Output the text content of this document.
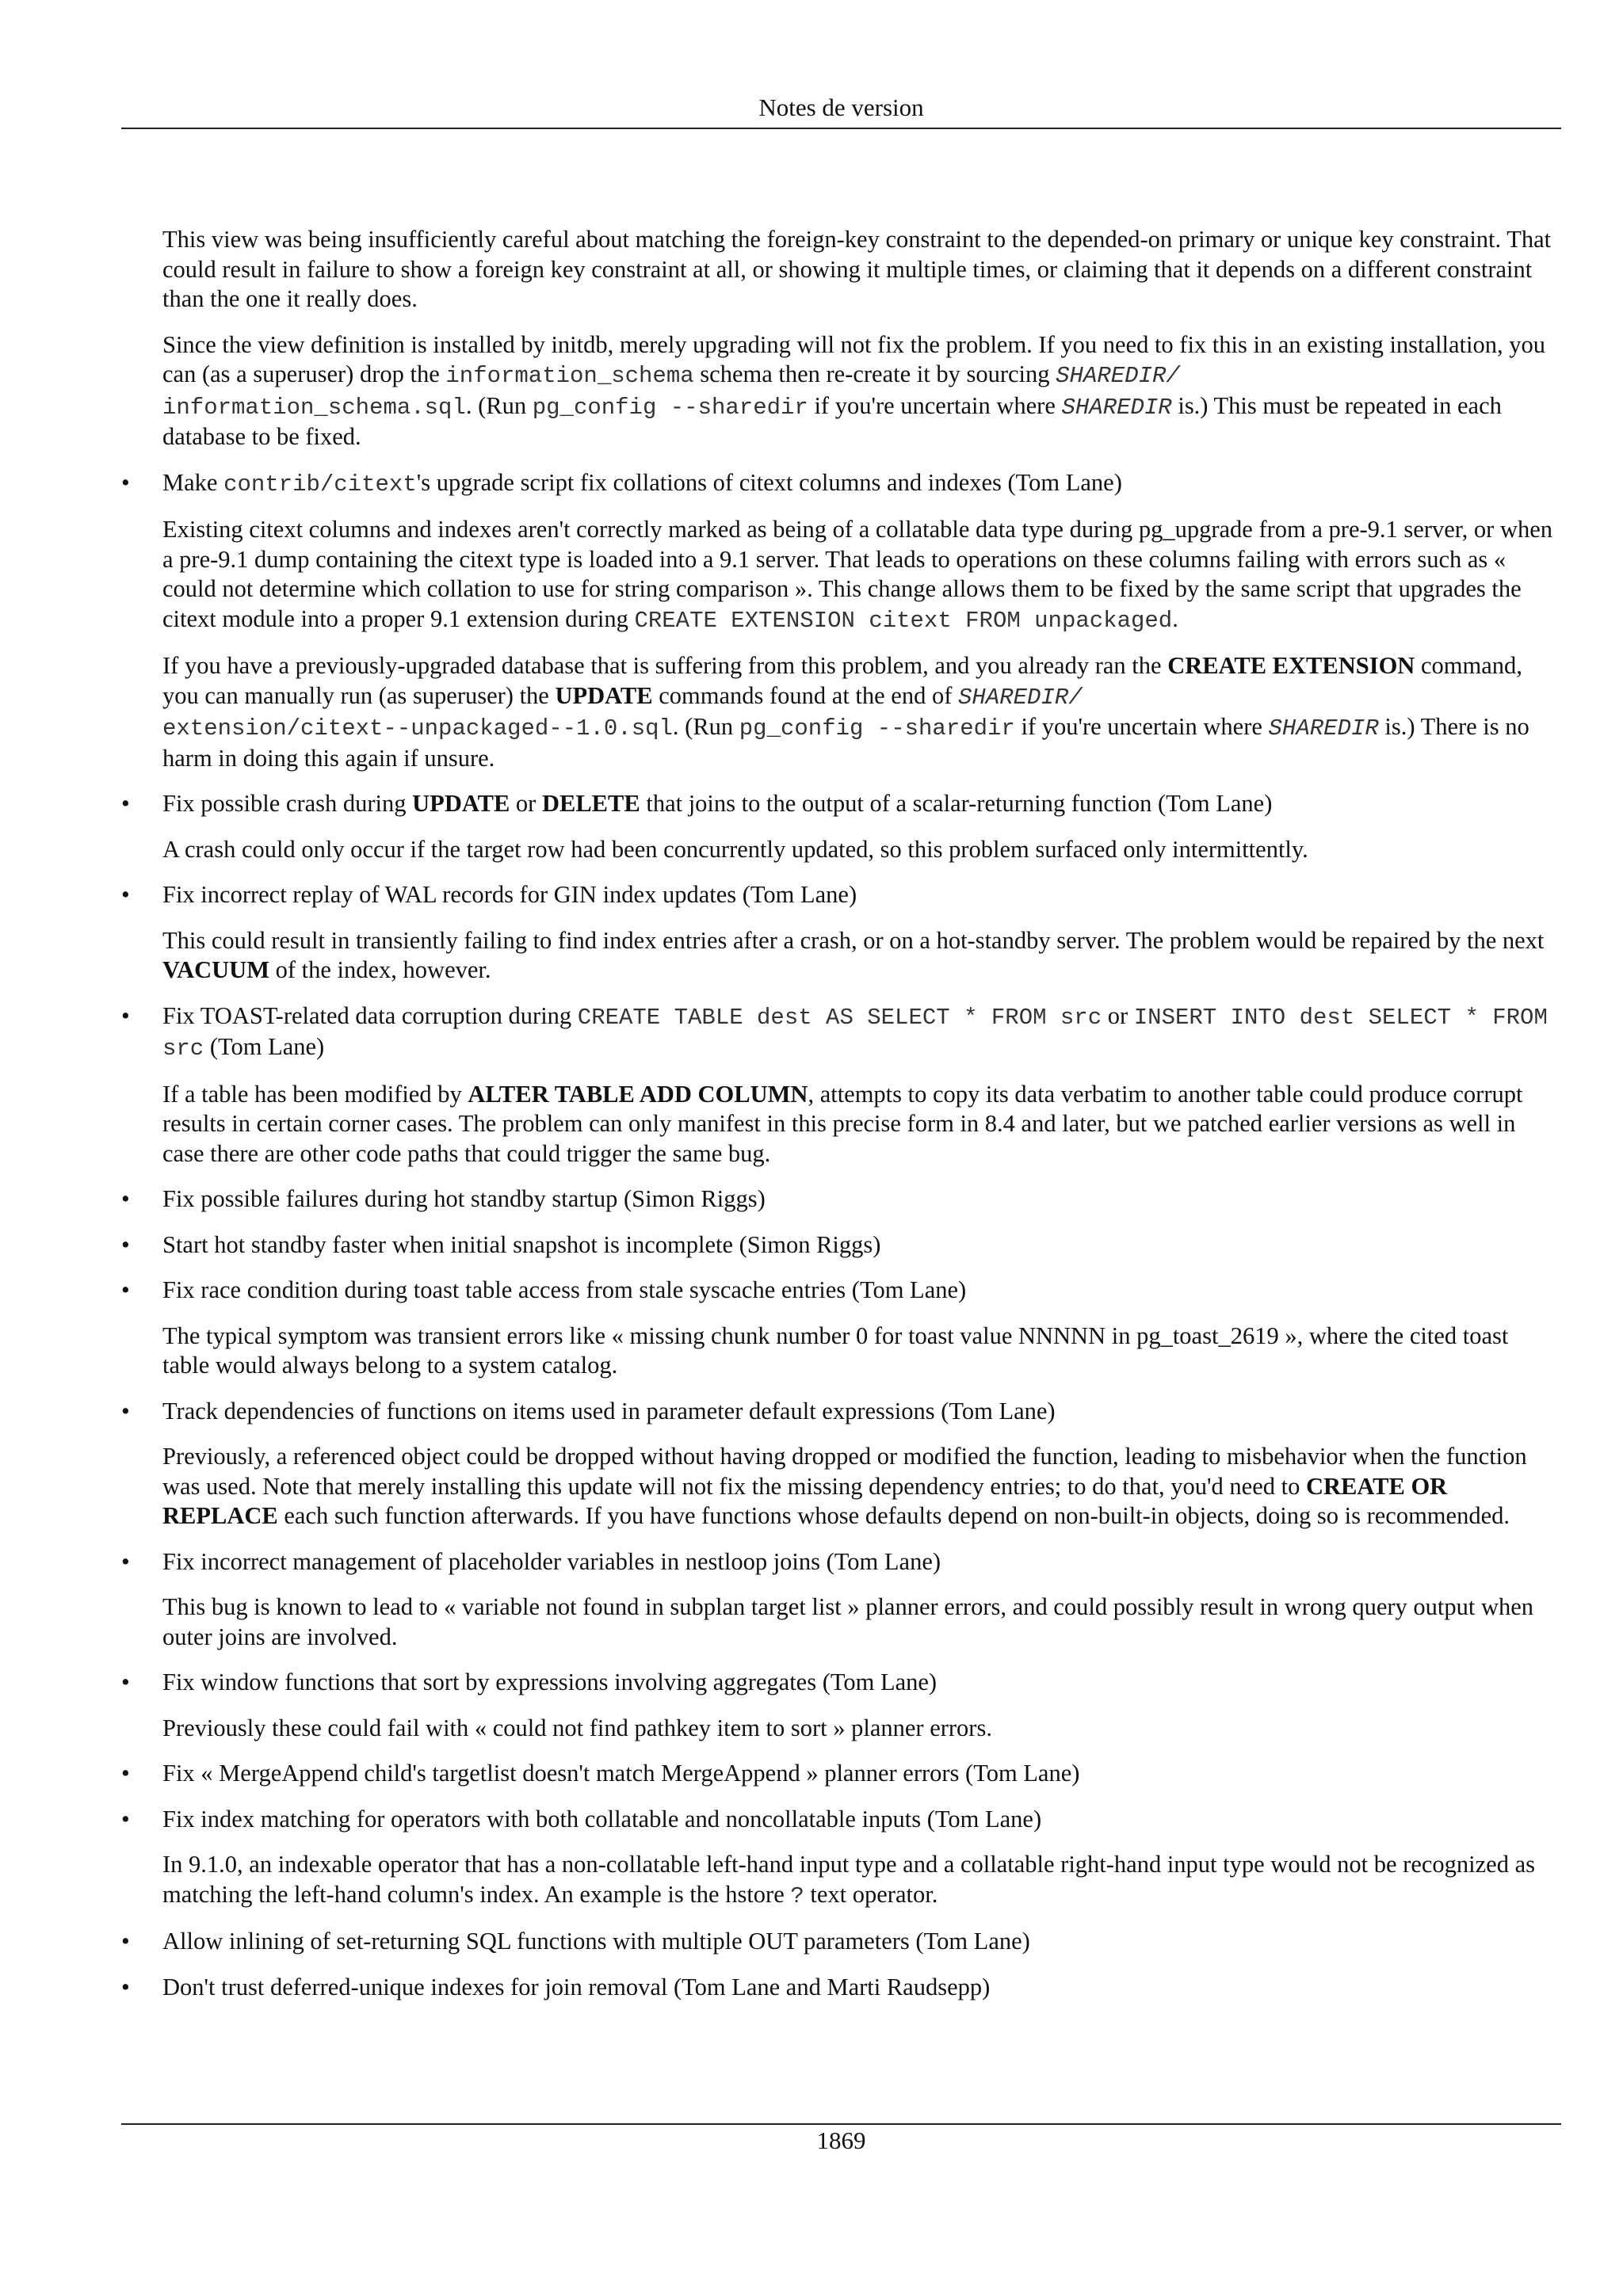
Notes de version

This view was being insufficiently careful about matching the foreign-key constraint to the depended-on primary or unique key constraint. That could result in failure to show a foreign key constraint at all, or showing it multiple times, or claiming that it depends on a different constraint than the one it really does.

Since the view definition is installed by initdb, merely upgrading will not fix the problem. If you need to fix this in an existing installation, you can (as a superuser) drop the information_schema schema then re-create it by sourcing SHAREDIR/
information_schema.sql. (Run pg_config --sharedir if you're uncertain where SHAREDIR is.) This must be repeated in each database to be fixed.

•	Make contrib/citext's upgrade script fix collations of citext columns and indexes (Tom Lane)

Existing citext columns and indexes aren't correctly marked as being of a collatable data type during pg_upgrade from a pre-9.1 server, or when a pre-9.1 dump containing the citext type is loaded into a 9.1 server. That leads to operations on these columns failing with errors such as « could not determine which collation to use for string comparison ». This change allows them to be fixed by the same script that upgrades the citext module into a proper 9.1 extension during CREATE EXTENSION citext FROM unpackaged.

If you have a previously-upgraded database that is suffering from this problem, and you already ran the CREATE EXTENSION command, you can manually run (as superuser) the UPDATE commands found at the end of SHAREDIR/
extension/citext--unpackaged--1.0.sql. (Run pg_config --sharedir if you're uncertain where SHAREDIR is.) There is no harm in doing this again if unsure.

•	Fix possible crash during UPDATE or DELETE that joins to the output of a scalar-returning function (Tom Lane)

A crash could only occur if the target row had been concurrently updated, so this problem surfaced only intermittently.

•	Fix incorrect replay of WAL records for GIN index updates (Tom Lane)

This could result in transiently failing to find index entries after a crash, or on a hot-standby server. The problem would be repaired by the next VACUUM of the index, however.

•	Fix TOAST-related data corruption during CREATE TABLE dest AS SELECT * FROM src or INSERT INTO dest SELECT * FROM src (Tom Lane)

If a table has been modified by ALTER TABLE ADD COLUMN, attempts to copy its data verbatim to another table could produce corrupt results in certain corner cases. The problem can only manifest in this precise form in 8.4 and later, but we patched earlier versions as well in case there are other code paths that could trigger the same bug.

•	Fix possible failures during hot standby startup (Simon Riggs)

•	Start hot standby faster when initial snapshot is incomplete (Simon Riggs)

•	Fix race condition during toast table access from stale syscache entries (Tom Lane)

The typical symptom was transient errors like « missing chunk number 0 for toast value NNNNN in pg_toast_2619 », where the cited toast table would always belong to a system catalog.

•	Track dependencies of functions on items used in parameter default expressions (Tom Lane)

Previously, a referenced object could be dropped without having dropped or modified the function, leading to misbehavior when the function was used. Note that merely installing this update will not fix the missing dependency entries; to do that, you'd need to CREATE OR REPLACE each such function afterwards. If you have functions whose defaults depend on non-built-in objects, doing so is recommended.

•	Fix incorrect management of placeholder variables in nestloop joins (Tom Lane)

This bug is known to lead to « variable not found in subplan target list » planner errors, and could possibly result in wrong query output when outer joins are involved.

•	Fix window functions that sort by expressions involving aggregates (Tom Lane)

Previously these could fail with « could not find pathkey item to sort » planner errors.

•	Fix « MergeAppend child's targetlist doesn't match MergeAppend » planner errors (Tom Lane)

•	Fix index matching for operators with both collatable and noncollatable inputs (Tom Lane)

In 9.1.0, an indexable operator that has a non-collatable left-hand input type and a collatable right-hand input type would not be recognized as matching the left-hand column's index. An example is the hstore ? text operator.

•	Allow inlining of set-returning SQL functions with multiple OUT parameters (Tom Lane)

•	Don't trust deferred-unique indexes for join removal (Tom Lane and Marti Raudsepp)

1869
